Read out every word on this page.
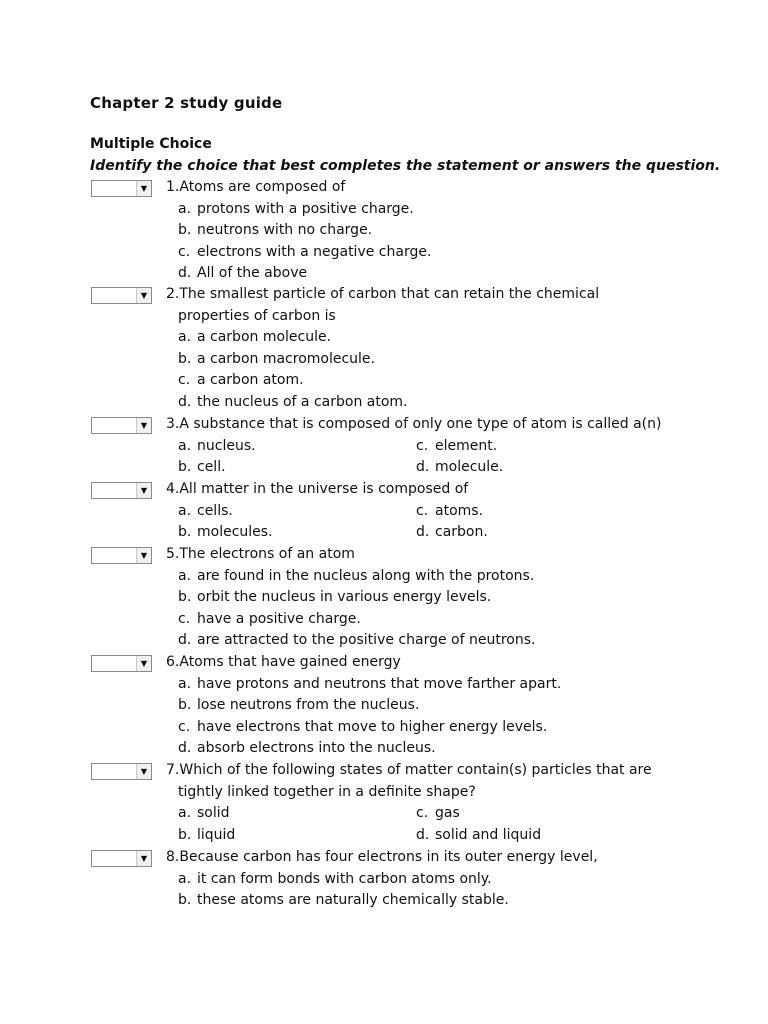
Chapter 2 study guide
Multiple Choice
Identify the choice that best completes the statement or answers the question.
▼ 1.Atoms are composed of
a. protons with a positive charge.
b. neutrons with no charge.
c. electrons with a negative charge.
d. All of the above
▼ 2.The smallest particle of carbon that can retain the chemical
properties of carbon is
a. a carbon molecule.
b. a carbon macromolecule.
c. a carbon atom.
d. the nucleus of a carbon atom.
▼ 3.A substance that is composed of only one type of atom is called a(n)
a. nucleus.	c. element.
b. cell.	d. molecule.
▼ 4.All matter in the universe is composed of
a. cells.	c. atoms.
b. molecules.	d. carbon.
▼ 5.The electrons of an atom
a. are found in the nucleus along with the protons.
b. orbit the nucleus in various energy levels.
c. have a positive charge.
d. are attracted to the positive charge of neutrons.
▼ 6.Atoms that have gained energy
a. have protons and neutrons that move farther apart.
b. lose neutrons from the nucleus.
c. have electrons that move to higher energy levels.
d. absorb electrons into the nucleus.
▼ 7.Which of the following states of matter contain(s) particles that are
tightly linked together in a definite shape?
a. solid	c. gas
b. liquid	d. solid and liquid
▼ 8.Because carbon has four electrons in its outer energy level,
a. it can form bonds with carbon atoms only.
b. these atoms are naturally chemically stable.
